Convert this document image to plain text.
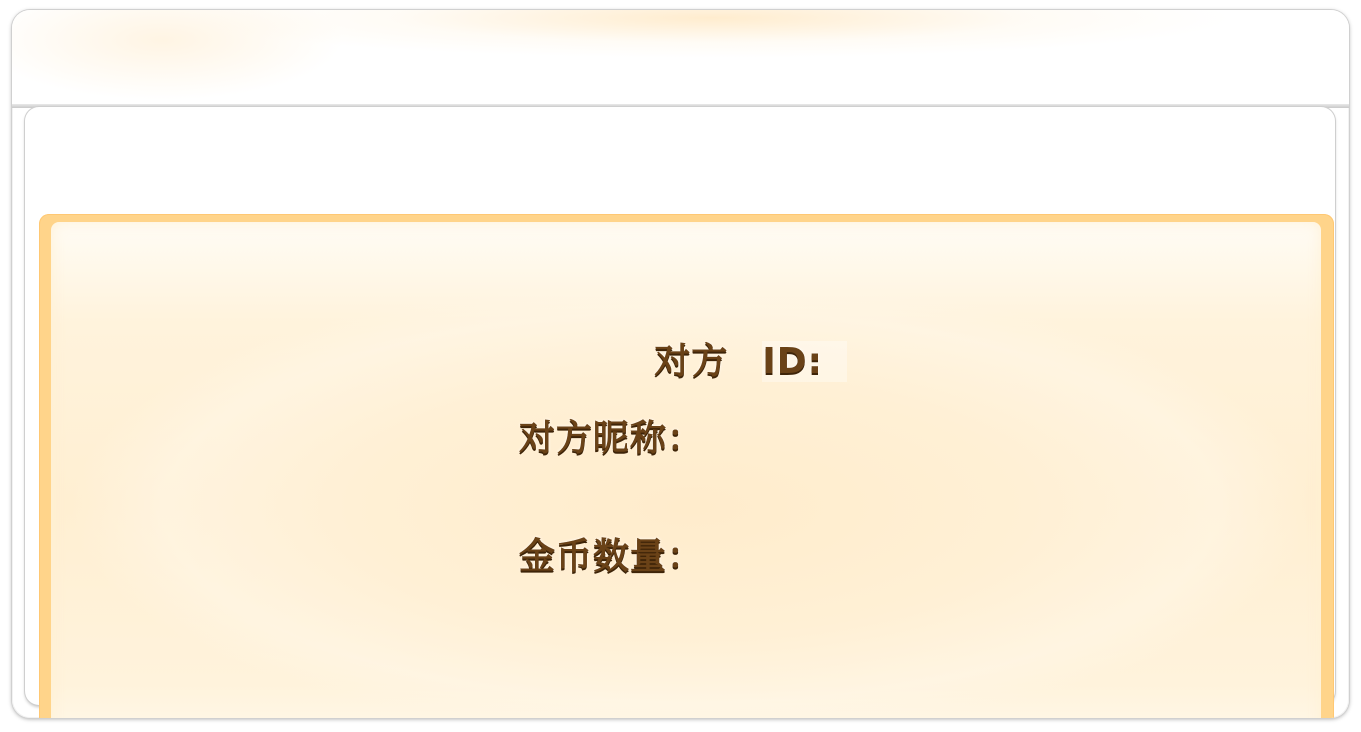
对方 ID:

对方昵称：
金币数量：
